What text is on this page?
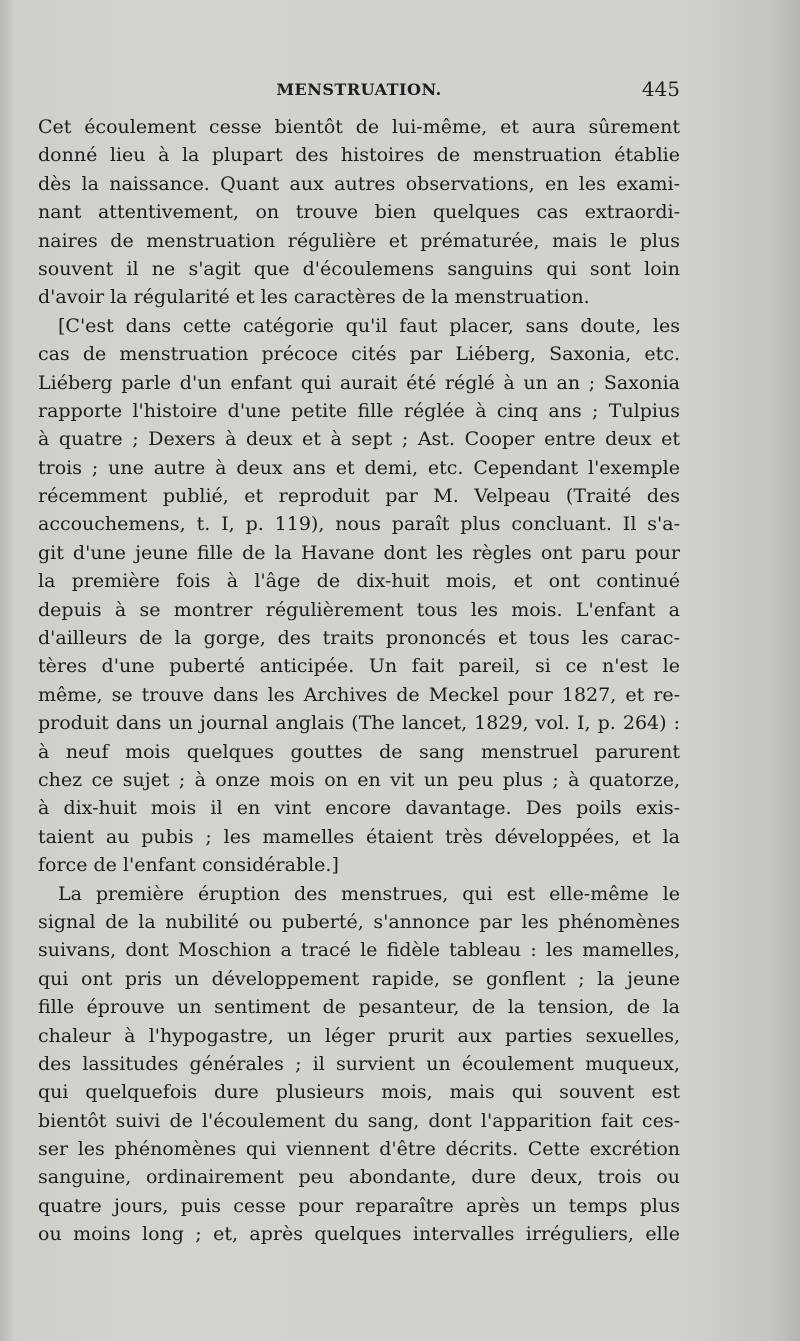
MENSTRUATION.	445
Cet écoulement cesse bientôt de lui-même, et aura sûrement
donné lieu à la plupart des histoires de menstruation établie
dès la naissance. Quant aux autres observations, en les exami-
nant attentivement, on trouve bien quelques cas extraordi-
naires de menstruation régulière et prématurée, mais le plus
souvent il ne s'agit que d'écoulemens sanguins qui sont loin
d'avoir la régularité et les caractères de la menstruation.
[C'est dans cette catégorie qu'il faut placer, sans doute, les
cas de menstruation précoce cités par Liéberg, Saxonia, etc.
Liéberg parle d'un enfant qui aurait été réglé à un an ; Saxonia
rapporte l'histoire d'une petite fille réglée à cinq ans ; Tulpius
à quatre ; Dexers à deux et à sept ; Ast. Cooper entre deux et
trois ; une autre à deux ans et demi, etc. Cependant l'exemple
récemment publié, et reproduit par M. Velpeau (Traité des
accouchemens, t. I, p. 119), nous paraît plus concluant. Il s'a-
git d'une jeune fille de la Havane dont les règles ont paru pour
la première fois à l'âge de dix-huit mois, et ont continué
depuis à se montrer régulièrement tous les mois. L'enfant a
d'ailleurs de la gorge, des traits prononcés et tous les carac-
tères d'une puberté anticipée. Un fait pareil, si ce n'est le
même, se trouve dans les Archives de Meckel pour 1827, et re-
produit dans un journal anglais (The lancet, 1829, vol. I, p. 264) :
à neuf mois quelques gouttes de sang menstruel parurent
chez ce sujet ; à onze mois on en vit un peu plus ; à quatorze,
à dix-huit mois il en vint encore davantage. Des poils exis-
taient au pubis ; les mamelles étaient très développées, et la
force de l'enfant considérable.]
La première éruption des menstrues, qui est elle-même le
signal de la nubilité ou puberté, s'annonce par les phénomènes
suivans, dont Moschion a tracé le fidèle tableau : les mamelles,
qui ont pris un développement rapide, se gonflent ; la jeune
fille éprouve un sentiment de pesanteur, de la tension, de la
chaleur à l'hypogastre, un léger prurit aux parties sexuelles,
des lassitudes générales ; il survient un écoulement muqueux,
qui quelquefois dure plusieurs mois, mais qui souvent est
bientôt suivi de l'écoulement du sang, dont l'apparition fait ces-
ser les phénomènes qui viennent d'être décrits. Cette excrétion
sanguine, ordinairement peu abondante, dure deux, trois ou
quatre jours, puis cesse pour reparaître après un temps plus
ou moins long ; et, après quelques intervalles irréguliers, elle
